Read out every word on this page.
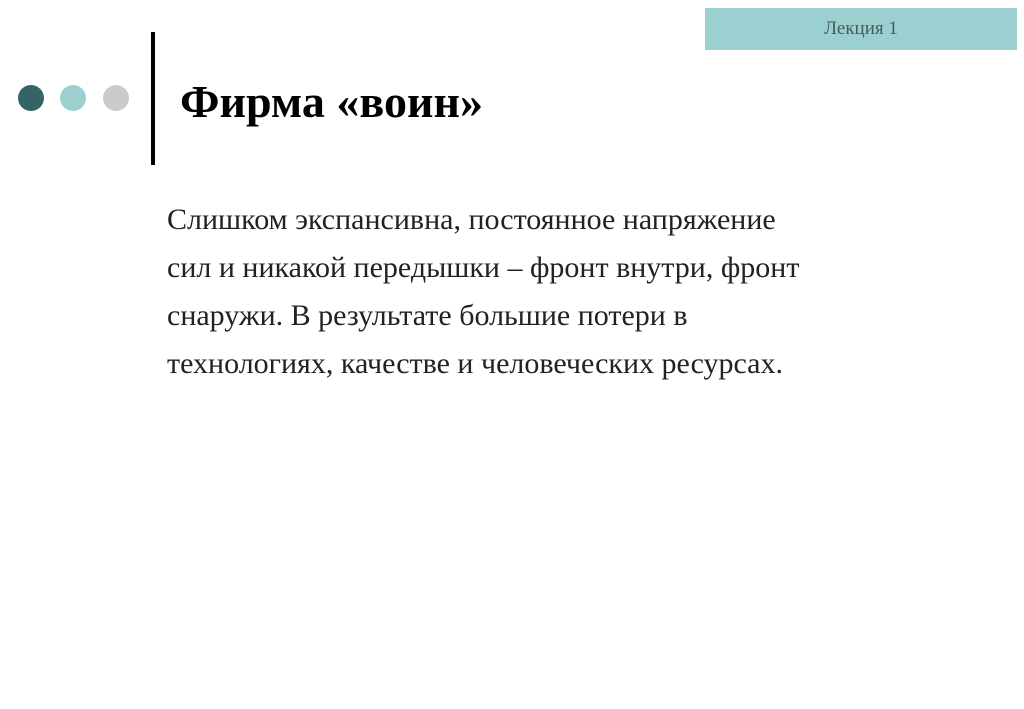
Лекция 1
Фирма «воин»

Слишком экспансивна, постоянное напряжение
сил и никакой передышки – фронт внутри, фронт
снаружи. В результате большие потери в
технологиях, качестве и человеческих ресурсах.
